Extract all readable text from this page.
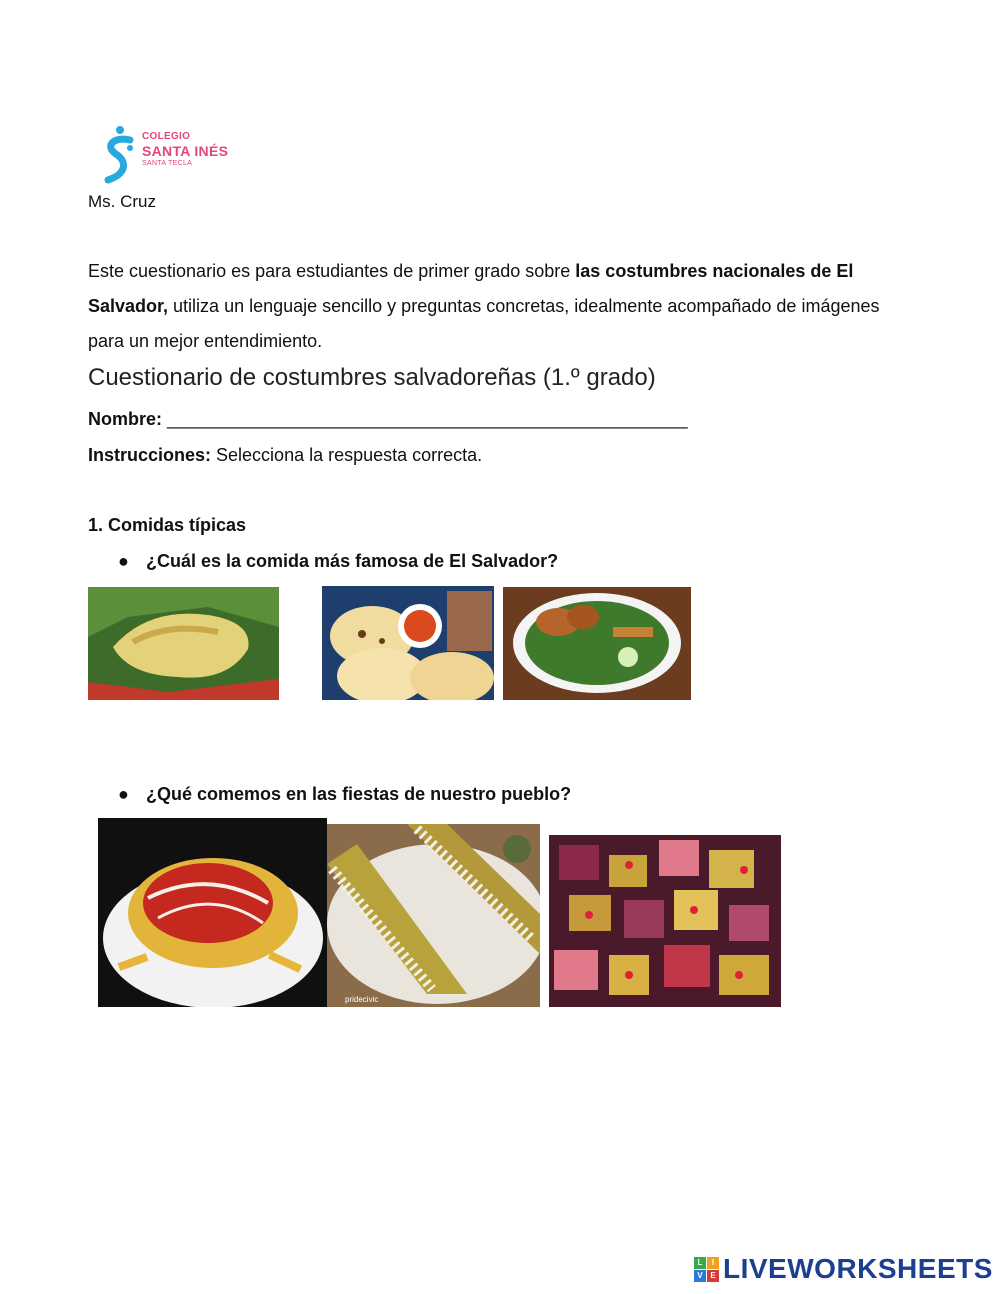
COLEGIO
SANTA INÉS
SANTA TECLA
Ms. Cruz
Este cuestionario es para estudiantes de primer grado sobre las costumbres nacionales de El Salvador, utiliza un lenguaje sencillo y preguntas concretas, idealmente acompañado de imágenes para un mejor entendimiento.
Cuestionario de costumbres salvadoreñas (1.º grado)
Nombre: ____________________________________________________
Instrucciones: Selecciona la respuesta correcta.
1. Comidas típicas
● ¿Cuál es la comida más famosa de El Salvador?
● ¿Qué comemos en las fiestas de nuestro pueblo?
pridecivic
L	I
V E LIVEWORKSHEETS
